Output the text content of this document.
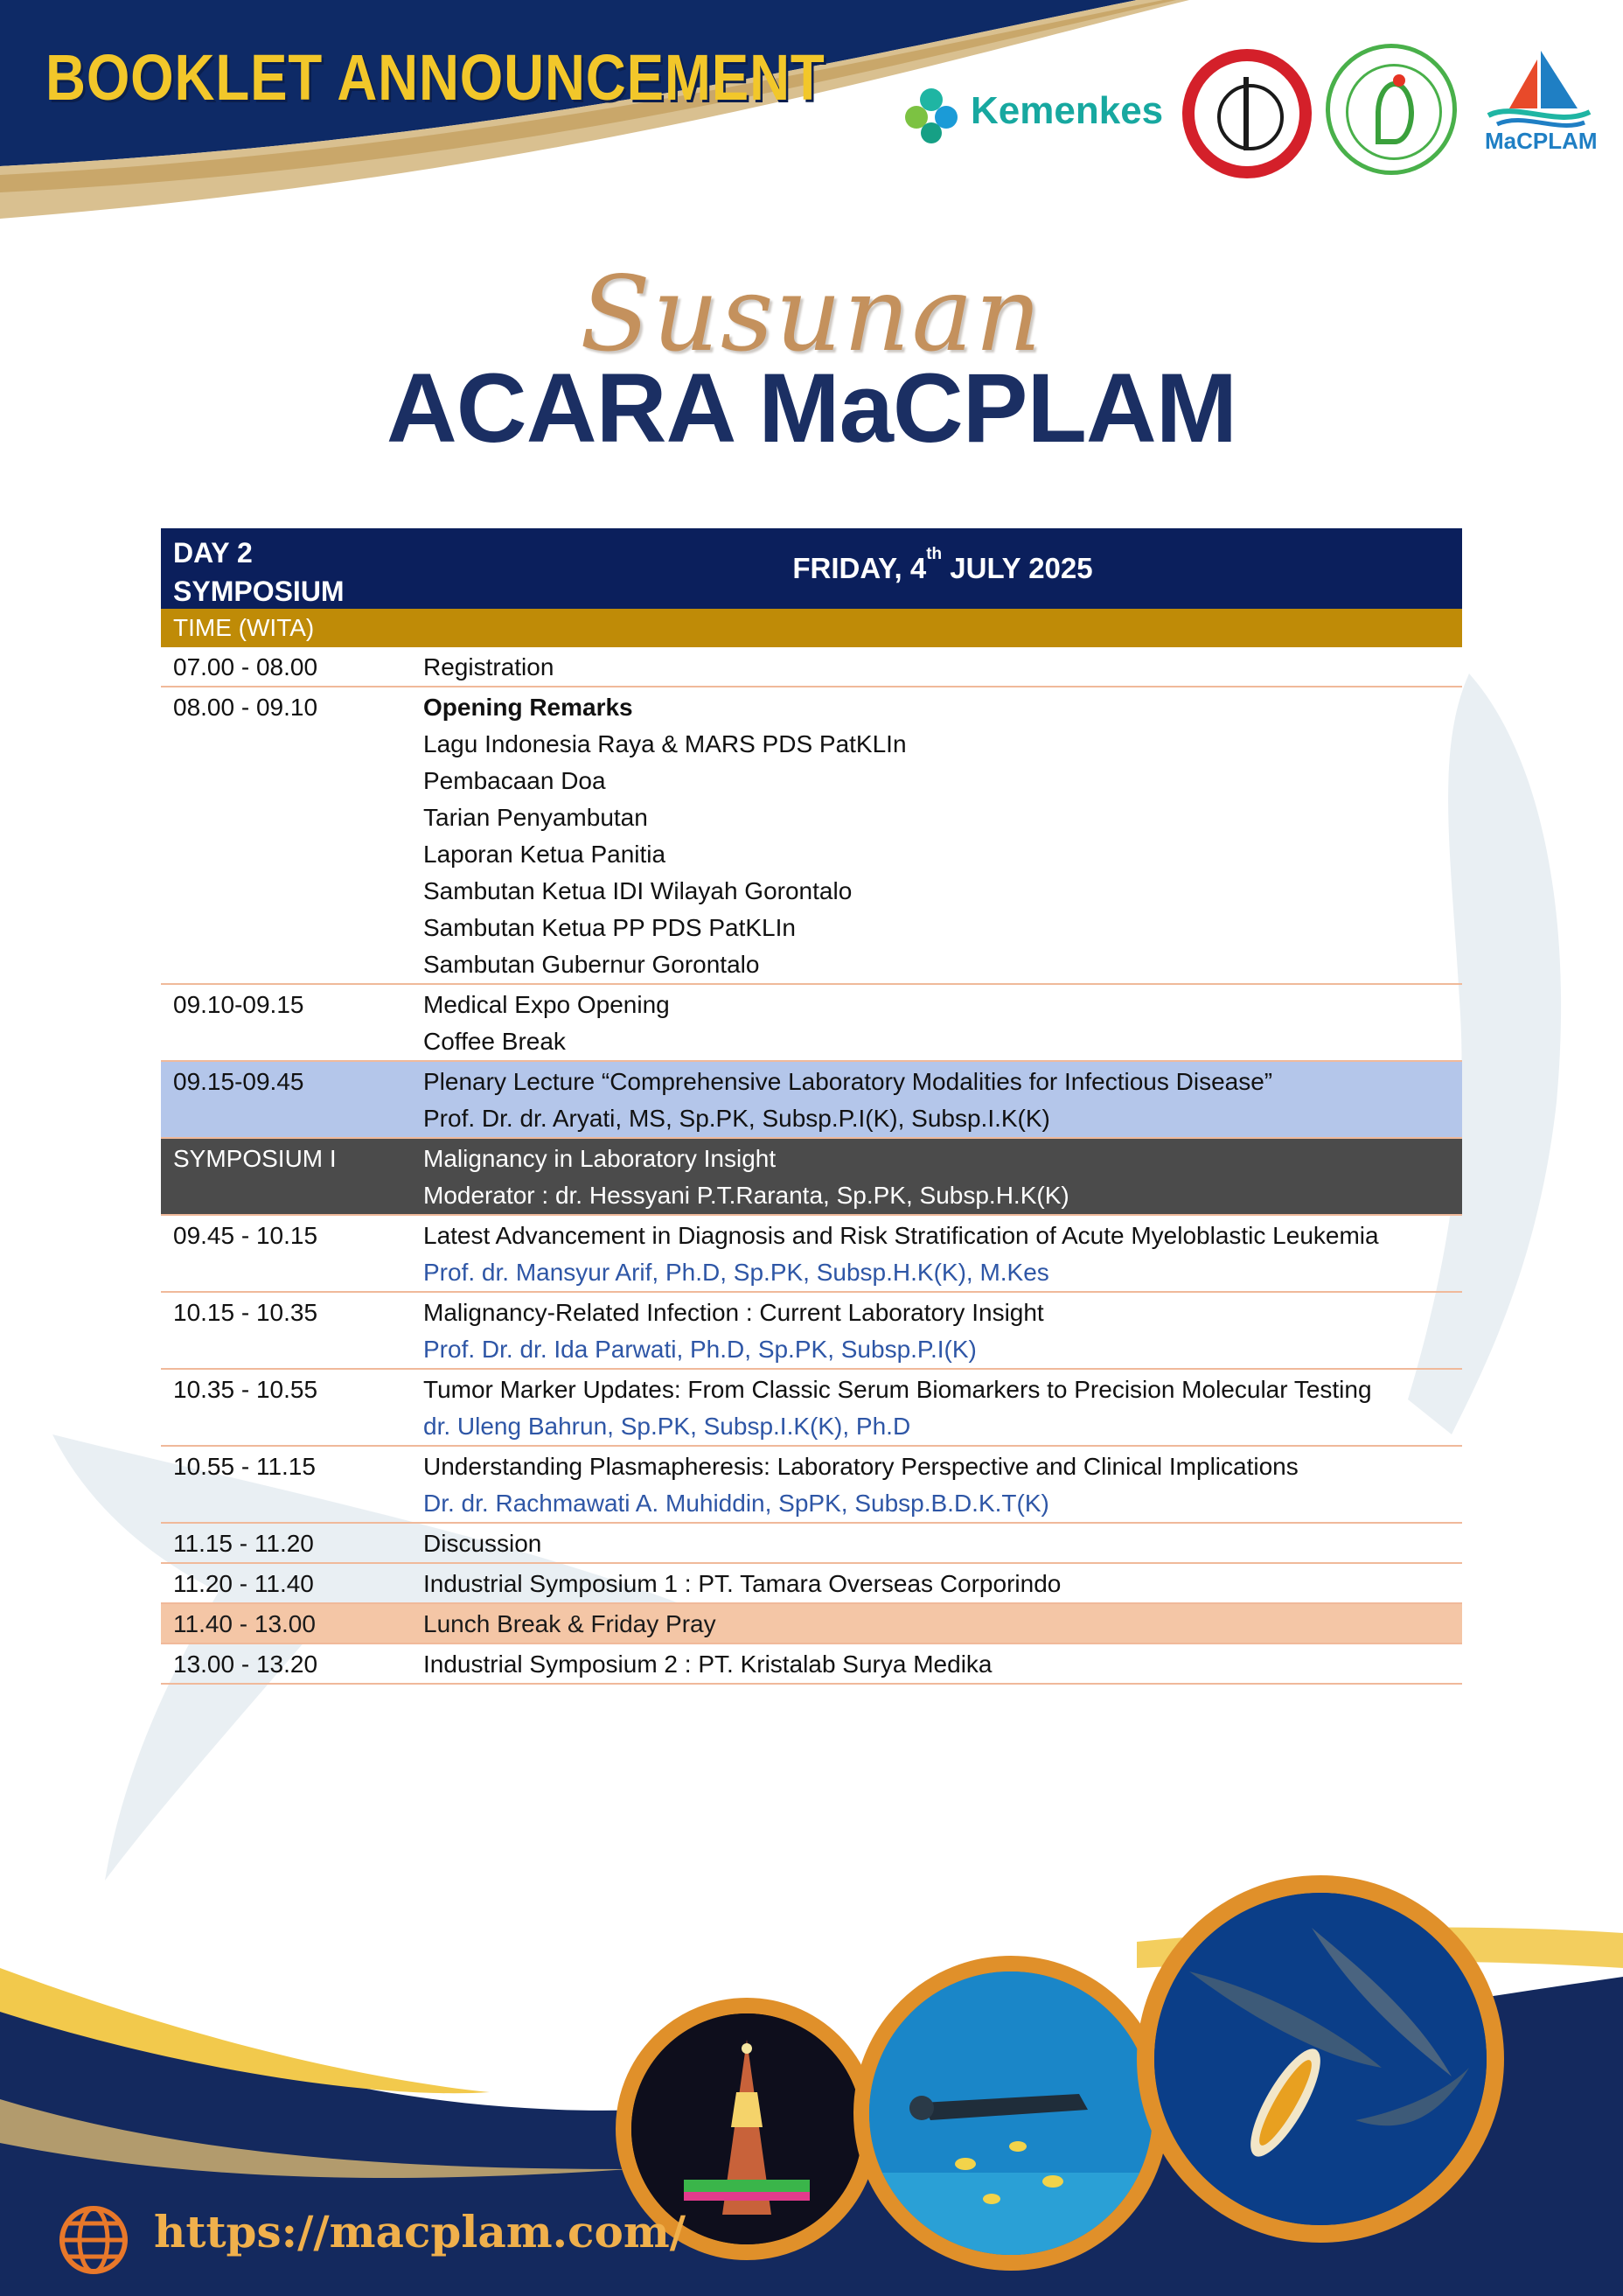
BOOKLET ANNOUNCEMENT	Kemenkes
MaCPLAM
Susunan
ACARA MaCPLAM
DAY 2
SYMPOSIUM
FRIDAY, 4th JULY 2025
TIME (WITA)
07.00 - 08.00	Registration
08.00 - 09.10	Opening Remarks
Lagu Indonesia Raya & MARS PDS PatKLIn
Pembacaan Doa
Tarian Penyambutan
Laporan Ketua Panitia
Sambutan Ketua IDI Wilayah Gorontalo
Sambutan Ketua PP PDS PatKLIn
Sambutan Gubernur Gorontalo
09.10-09.15	Medical Expo Opening
Coffee Break
09.15-09.45	Plenary Lecture “Comprehensive Laboratory Modalities for Infectious Disease”
Prof. Dr. dr. Aryati, MS, Sp.PK, Subsp.P.I(K), Subsp.I.K(K)
SYMPOSIUM I	Malignancy in Laboratory Insight
Moderator : dr. Hessyani P.T.Raranta, Sp.PK, Subsp.H.K(K)
09.45 - 10.15	Latest Advancement in Diagnosis and Risk Stratification of Acute Myeloblastic Leukemia
Prof. dr. Mansyur Arif, Ph.D, Sp.PK, Subsp.H.K(K), M.Kes
10.15 - 10.35	Malignancy-Related Infection : Current Laboratory Insight
Prof. Dr. dr. Ida Parwati, Ph.D, Sp.PK, Subsp.P.I(K)
10.35 - 10.55	Tumor Marker Updates: From Classic Serum Biomarkers to Precision Molecular Testing
dr. Uleng Bahrun, Sp.PK, Subsp.I.K(K), Ph.D
10.55 - 11.15	Understanding Plasmapheresis: Laboratory Perspective and Clinical Implications
Dr. dr. Rachmawati A. Muhiddin, SpPK, Subsp.B.D.K.T(K)
11.15 - 11.20	Discussion
11.20 - 11.40	Industrial Symposium 1 : PT. Tamara Overseas Corporindo
11.40 - 13.00	Lunch Break & Friday Pray
13.00 - 13.20	Industrial Symposium 2 : PT. Kristalab Surya Medika
https://macplam.com/
